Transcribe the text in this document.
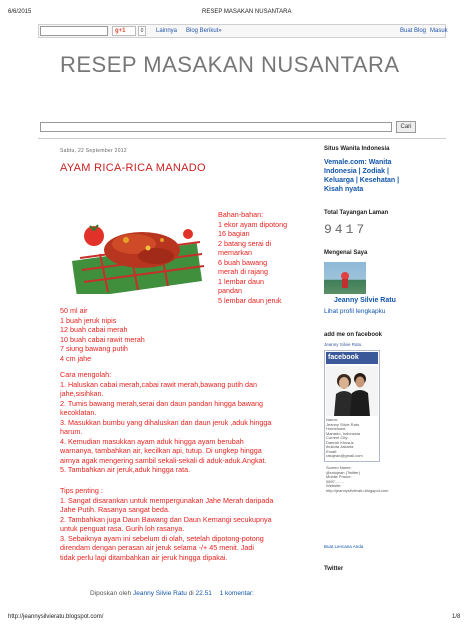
6/6/2015	RESEP MASAKAN NUSANTARA
g+1	0	Lainnya Blog Berikut»	Buat Blog Masuk
RESEP MASAKAN NUSANTARA
Cari
Sabtu, 22 September 2012
AYAM RICA-RICA MANADO
Bahan-bahan:
1 ekor ayam dipotong
16 bagian
2 batang serai di
memarkan
6 buah bawang
merah di rajang
1 lembar daun
pandan
5 lembar daun jeruk
50 ml air
1 buah jeruk nipis
12 buah cabai merah
10 buah cabai rawit merah
7 siung bawang putih
4 cm jahe
Cara mengolah:
1. Haluskan cabai merah,cabai rawit merah,bawang putih dan
jahe,sisihkan.
2. Tumis bawang merah,serai dan daun pandan hingga bawang
kecoklatan.
3. Masukkan bumbu yang dihaluskan dan daun jeruk ,aduk hingga
harum.
4. Kemudian masukkan ayam aduk hingga ayam berubah
warnanya, tambahkan air, kecilkan api, tutup. Di ungkep hingga
airnya agak mengering sambil sekali-sekali di aduk-aduk.Angkat.
5. Tambahkan air jeruk,aduk hingga rata.
Tips penting :
1. Sangat disarankan untuk mempergunakan Jahe Merah daripada
Jahe Putih. Rasanya sangat beda.
2. Tambahkan juga Daun Bawang dan Daun Kemangi secukupnya
untuk penguat rasa. Gurih loh rasanya.
3. Sebaiknya ayam ini sebelum di olah, setelah dipotong-potong
direndam dengan perasan air jeruk selama -/+ 45 menit. Jadi
tidak perlu lagi ditambahkan air jeruk hingga dipakai.
Diposkan oleh Jeanny Silvie Ratu di 22.51 1 komentar:
Situs Wanita Indonesia
Vemale.com: Wanita
Indonesia | Zodiak |
Keluarga | Kesehatan |
Kisah nyata
Total Tayangan Laman
9417
Mengenai Saya
Jeanny Silvie Ratu
Lihat profil lengkapku
add me on facebook
Jeanny Silvie Ratu
facebook
Nama:
Jeanny Silvie Ratu
Hometown:
Manado, Indonesia
Current City:
Daerah Khusus
Ibukota Jakarta
Email:
ratujean@gmail.com
Screen Name:
@ratujean (Twitter)
Mobile Phone:
0897........
Website:
http://jeannysilvieratu.blogspot.com
Buat Lencana Anda
Twitter
http://jeannysilvieratu.blogspot.com/	1/8
